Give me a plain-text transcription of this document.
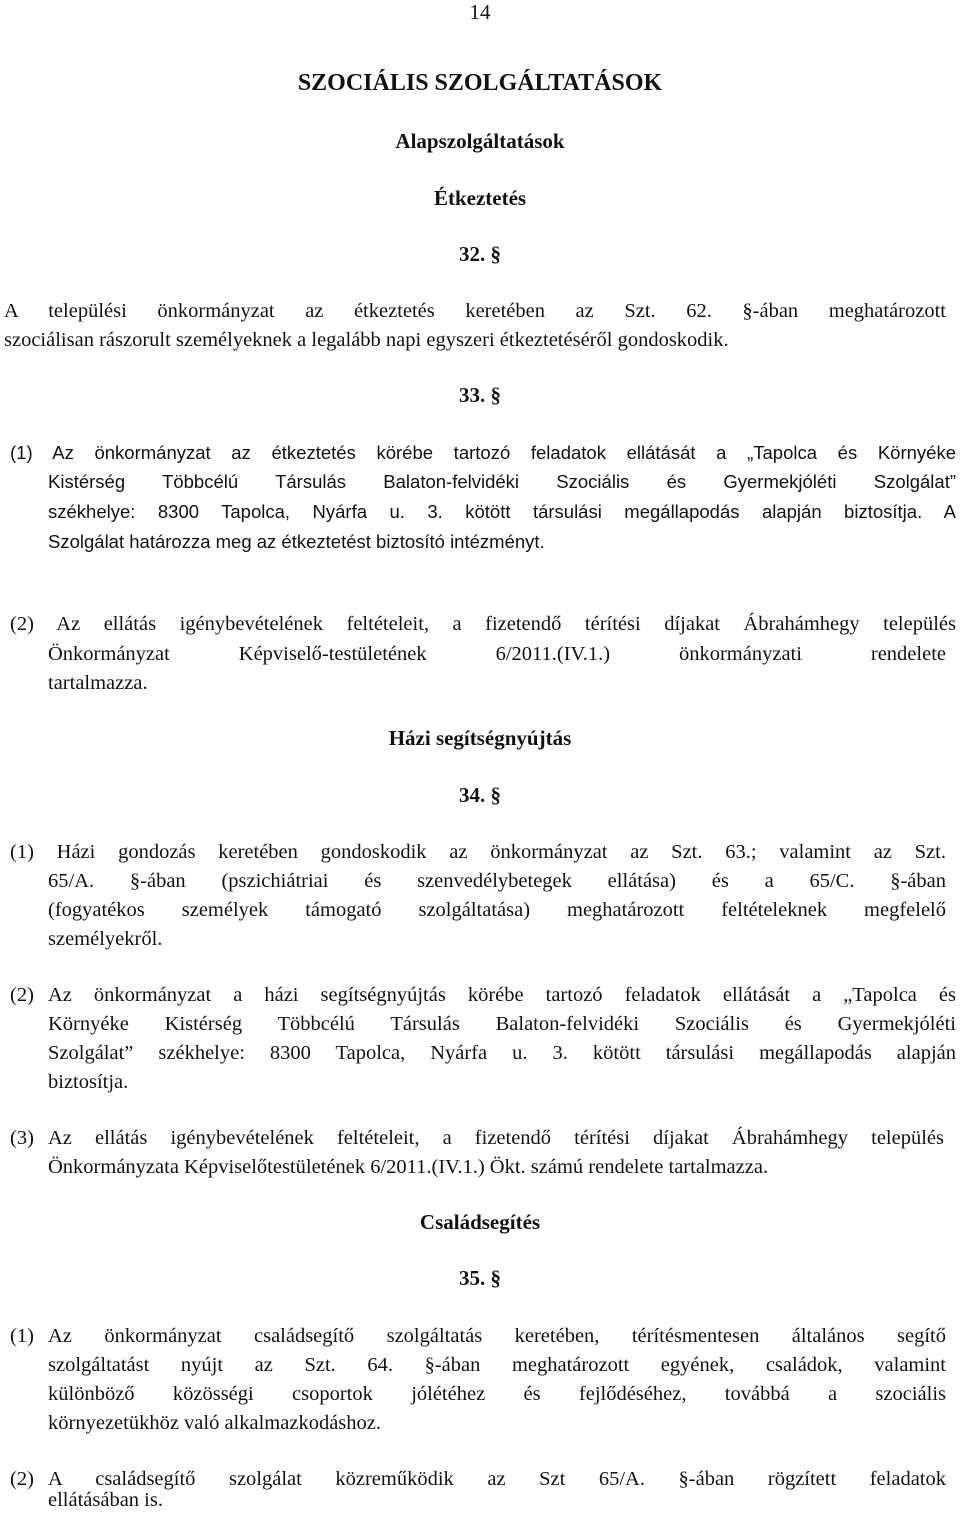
14
SZOCIÁLIS SZOLGÁLTATÁSOK
Alapszolgáltatások
Étkeztetés
32. §
A települési önkormányzat az étkeztetés keretében az Szt. 62. §-ában meghatározott
szociálisan rászorult személyeknek a legalább napi egyszeri étkeztetéséről gondoskodik.
33. §
(1) Az önkormányzat az étkeztetés körébe tartozó feladatok ellátását a „Tapolca és Környéke
Kistérség Többcélú Társulás Balaton-felvidéki Szociális és Gyermekjóléti Szolgálat”
székhelye: 8300 Tapolca, Nyárfa u. 3. kötött társulási megállapodás alapján biztosítja. A
Szolgálat határozza meg az étkeztetést biztosító intézményt.
(2) Az ellátás igénybevételének feltételeit, a fizetendő térítési díjakat Ábrahámhegy település
Önkormányzat Képviselő-testületének 6/2011.(IV.1.) önkormányzati rendelete
tartalmazza.
Házi segítségnyújtás
34. §
(1) Házi gondozás keretében gondoskodik az önkormányzat az Szt. 63.; valamint az Szt.
65/A. §-ában (pszichiátriai és szenvedélybetegek ellátása) és a 65/C. §-ában
(fogyatékos személyek támogató szolgáltatása) meghatározott feltételeknek megfelelő
személyekről.
(2) Az önkormányzat a házi segítségnyújtás körébe tartozó feladatok ellátását a „Tapolca és
Környéke Kistérség Többcélú Társulás Balaton-felvidéki Szociális és Gyermekjóléti
Szolgálat” székhelye: 8300 Tapolca, Nyárfa u. 3. kötött társulási megállapodás alapján
biztosítja.
(3) Az ellátás igénybevételének feltételeit, a fizetendő térítési díjakat Ábrahámhegy település
Önkormányzata Képviselőtestületének 6/2011.(IV.1.) Ökt. számú rendelete tartalmazza.
Családsegítés
35. §
(1) Az önkormányzat családsegítő szolgáltatás keretében, térítésmentesen általános segítő
szolgáltatást nyújt az Szt. 64. §-ában meghatározott egyének, családok, valamint
különböző közösségi csoportok jólétéhez és fejlődéséhez, továbbá a szociális
környezetükhöz való alkalmazkodáshoz.
(2) A családsegítő szolgálat közreműködik az Szt 65/A. §-ában rögzített feladatok
ellátásában is.
